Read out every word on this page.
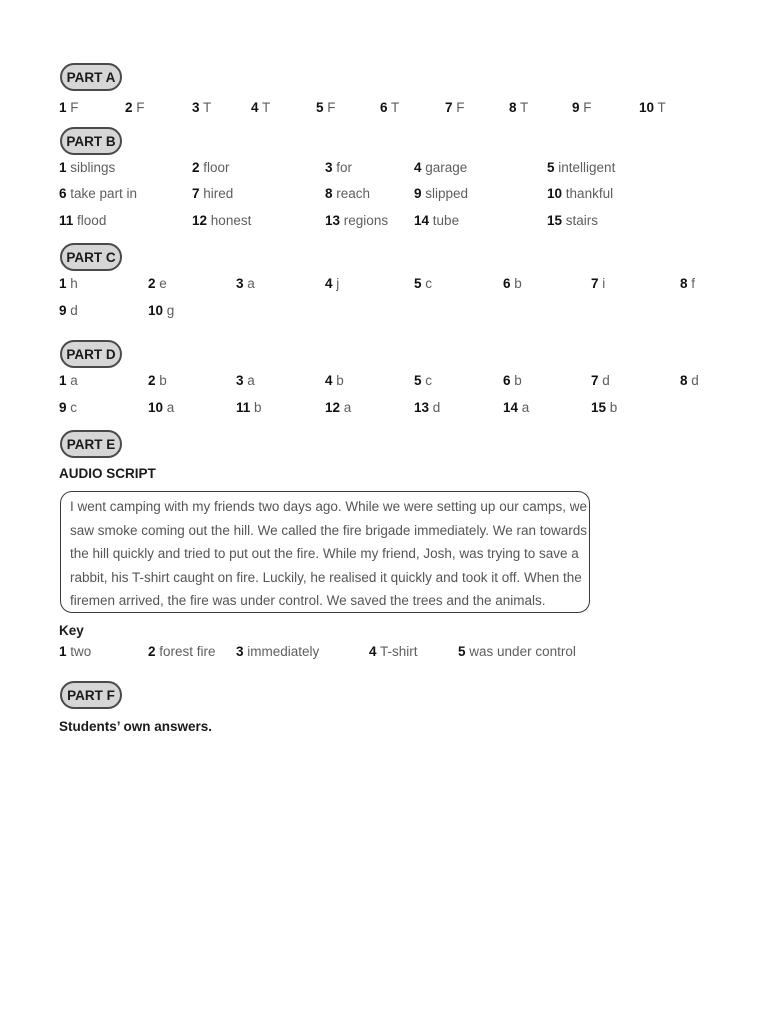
PART A
1 F	2 F	3 T	4 T	5 F	6 T	7 F	8 T	9 F	10 T
PART B
1 siblings	2 floor	3 for	4 garage	5 intelligent
6 take part in	7 hired	8 reach	9 slipped	10 thankful
11 flood	12 honest	13 regions 14 tube	15 stairs
PART C
1 h	2 e	3 a	4 j	5 c	6 b	7 i	8 f
9 d	10 g
PART D
1 a	2 b	3 a	4 b	5 c	6 b	7 d	8 d
9 c	10 a	11 b	12 a	13 d	14 a	15 b
PART E
AUDIO SCRIPT
I went camping with my friends two days ago. While we were setting up our camps, we
saw smoke coming out the hill. We called the fire brigade immediately. We ran towards
the hill quickly and tried to put out the fire. While my friend, Josh, was trying to save a
rabbit, his T-shirt caught on fire. Luckily, he realised it quickly and took it off. When the
firemen arrived, the fire was under control. We saved the trees and the animals.
Key
1 two	2 forest fire 3 immediately	4 T-shirt	5 was under control
PART F
Students’ own answers.
